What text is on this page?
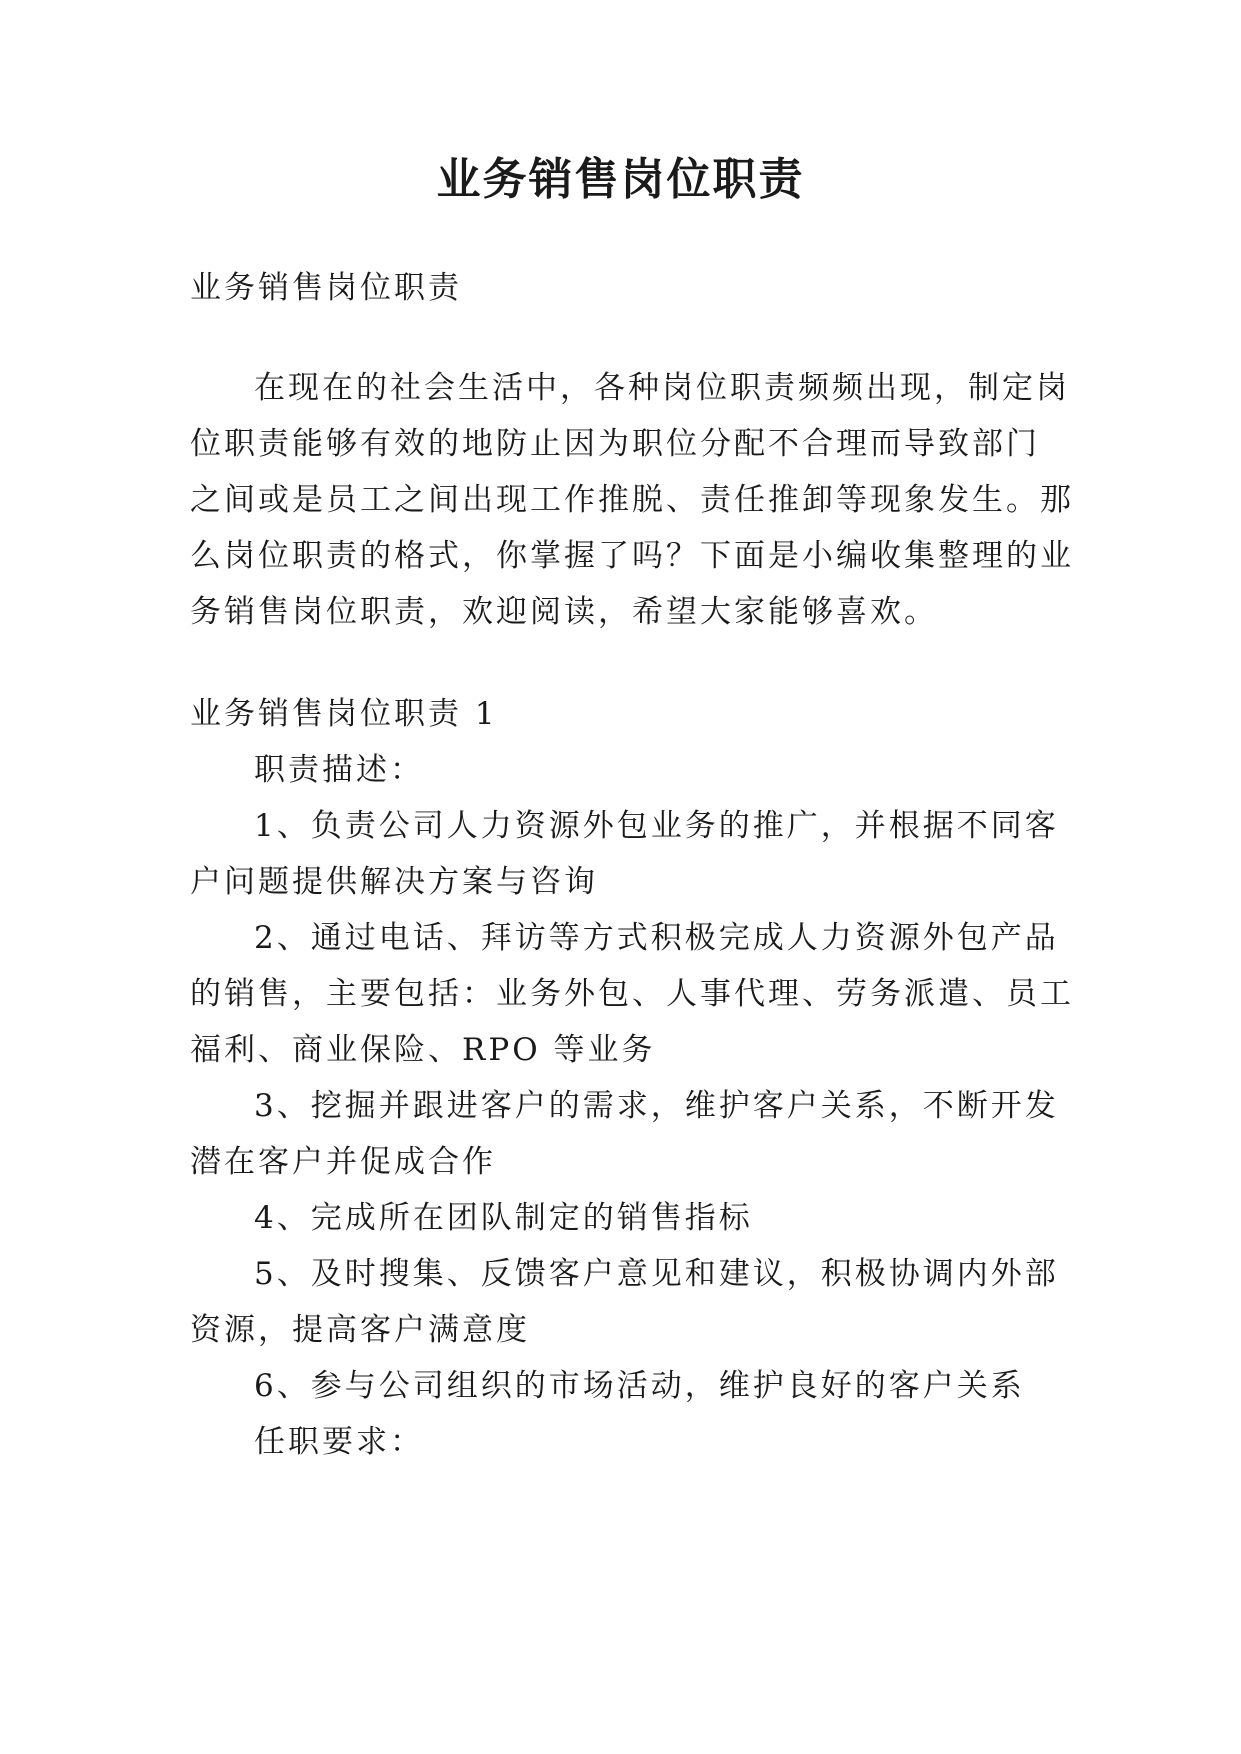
业务销售岗位职责
业务销售岗位职责
在现在的社会生活中，各种岗位职责频频出现，制定岗
位职责能够有效的地防止因为职位分配不合理而导致部门
之间或是员工之间出现工作推脱、责任推卸等现象发生。那
么岗位职责的格式，你掌握了吗？下面是小编收集整理的业
务销售岗位职责，欢迎阅读，希望大家能够喜欢。
业务销售岗位职责 1
职责描述：
1、负责公司人力资源外包业务的推广，并根据不同客
户问题提供解决方案与咨询
2、通过电话、拜访等方式积极完成人力资源外包产品
的销售，主要包括：业务外包、人事代理、劳务派遣、员工
福利、商业保险、RPO 等业务
3、挖掘并跟进客户的需求，维护客户关系，不断开发
潜在客户并促成合作
4、完成所在团队制定的销售指标
5、及时搜集、反馈客户意见和建议，积极协调内外部
资源，提高客户满意度
6、参与公司组织的市场活动，维护良好的客户关系
任职要求：
